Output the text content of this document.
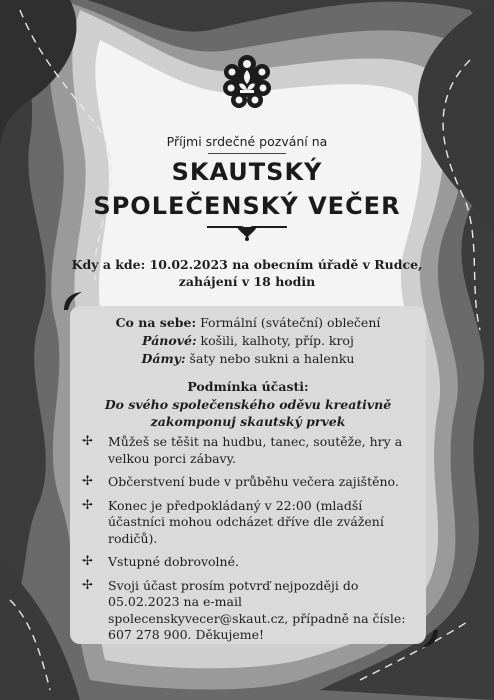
Příjmi srdečné pozvání na
SKAUTSKÝ
SPOLEČENSKÝ VEČER
Kdy a kde: 10.02.2023 na obecním úřadě v Rudce, zahájení v 18 hodin
Co na sebe: Formální (sváteční) oblečení
Pánové: košili, kalhoty, příp. kroj
Dámy: šaty nebo sukni a halenku
Podmínka účasti:
Do svého společenského oděvu kreativně zakomponuj skautský prvek
✢ Můžeš se těšit na hudbu, tanec, soutěže, hry a velkou porci zábavy.
✢ Občerstvení bude v průběhu večera zajištěno.
✢ Konec je předpokládaný v 22:00 (mladší účastníci mohou odcházet dříve dle zvážení rodičů).
✢ Vstupné dobrovolné.
✢ Svoji účast prosím potvrď nejpozději do 05.02.2023 na e-mail spolecenskyvecer@skaut.cz, případně na čísle: 607 278 900. Děkujeme!
